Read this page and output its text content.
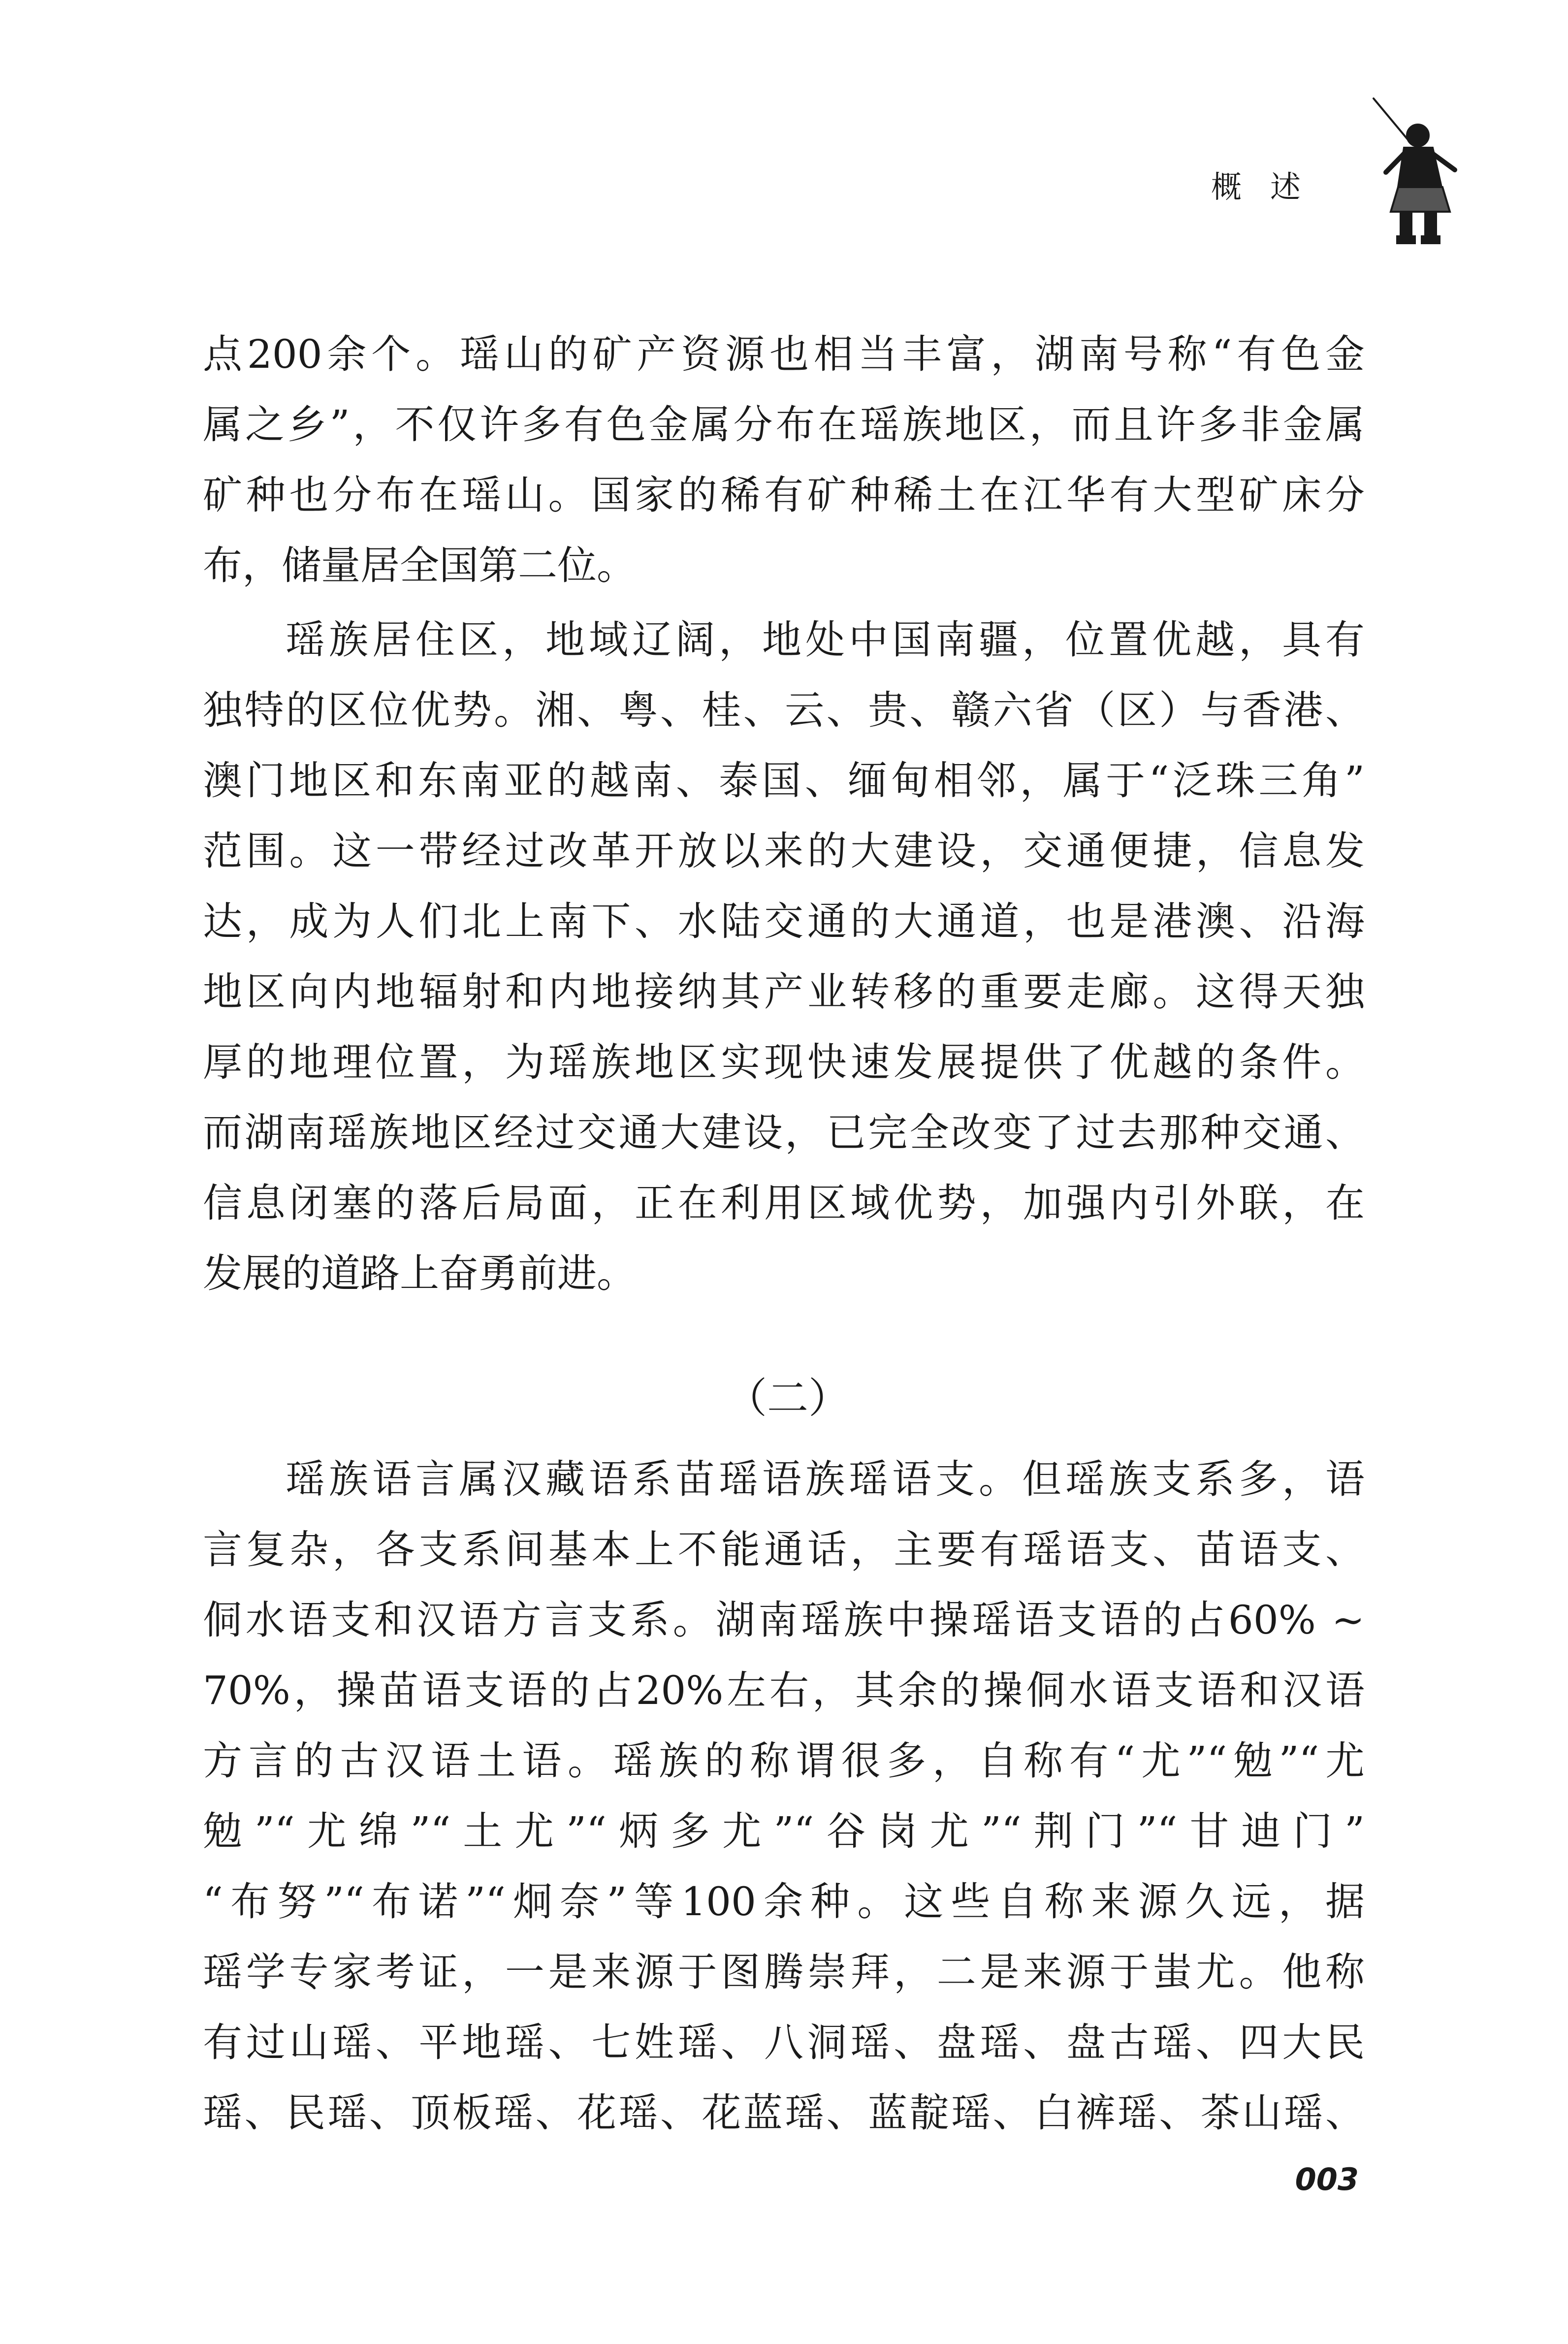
概述
点200余个。瑶山的矿产资源也相当丰富，湖南号称“有色金
属之乡”，不仅许多有色金属分布在瑶族地区，而且许多非金属
矿种也分布在瑶山。国家的稀有矿种稀土在江华有大型矿床分
布，储量居全国第二位。
瑶族居住区，地域辽阔，地处中国南疆，位置优越，具有
独特的区位优势。湘、粤、桂、云、贵、赣六省（区）与香港、
澳门地区和东南亚的越南、泰国、缅甸相邻，属于“泛珠三角”
范围。这一带经过改革开放以来的大建设，交通便捷，信息发
达，成为人们北上南下、水陆交通的大通道，也是港澳、沿海
地区向内地辐射和内地接纳其产业转移的重要走廊。这得天独
厚的地理位置，为瑶族地区实现快速发展提供了优越的条件。
而湖南瑶族地区经过交通大建设，已完全改变了过去那种交通、
信息闭塞的落后局面，正在利用区域优势，加强内引外联，在
发展的道路上奋勇前进。
（二）
瑶族语言属汉藏语系苗瑶语族瑶语支。但瑶族支系多，语
言复杂，各支系间基本上不能通话，主要有瑶语支、苗语支、
侗水语支和汉语方言支系。湖南瑶族中操瑶语支语的占60% ~
70%，操苗语支语的占20%左右，其余的操侗水语支语和汉语
方言的古汉语土语。瑶族的称谓很多，自称有“尤”“勉”“尤
勉”“尤绵”“土尤”“炳多尤”“谷岗尤”“荆门”“甘迪门”
“布努”“布诺”“炯奈”等100余种。这些自称来源久远，据
瑶学专家考证，一是来源于图腾崇拜，二是来源于蚩尤。他称
有过山瑶、平地瑶、七姓瑶、八洞瑶、盘瑶、盘古瑶、四大民
瑶、民瑶、顶板瑶、花瑶、花蓝瑶、蓝靛瑶、白裤瑶、茶山瑶、
003
